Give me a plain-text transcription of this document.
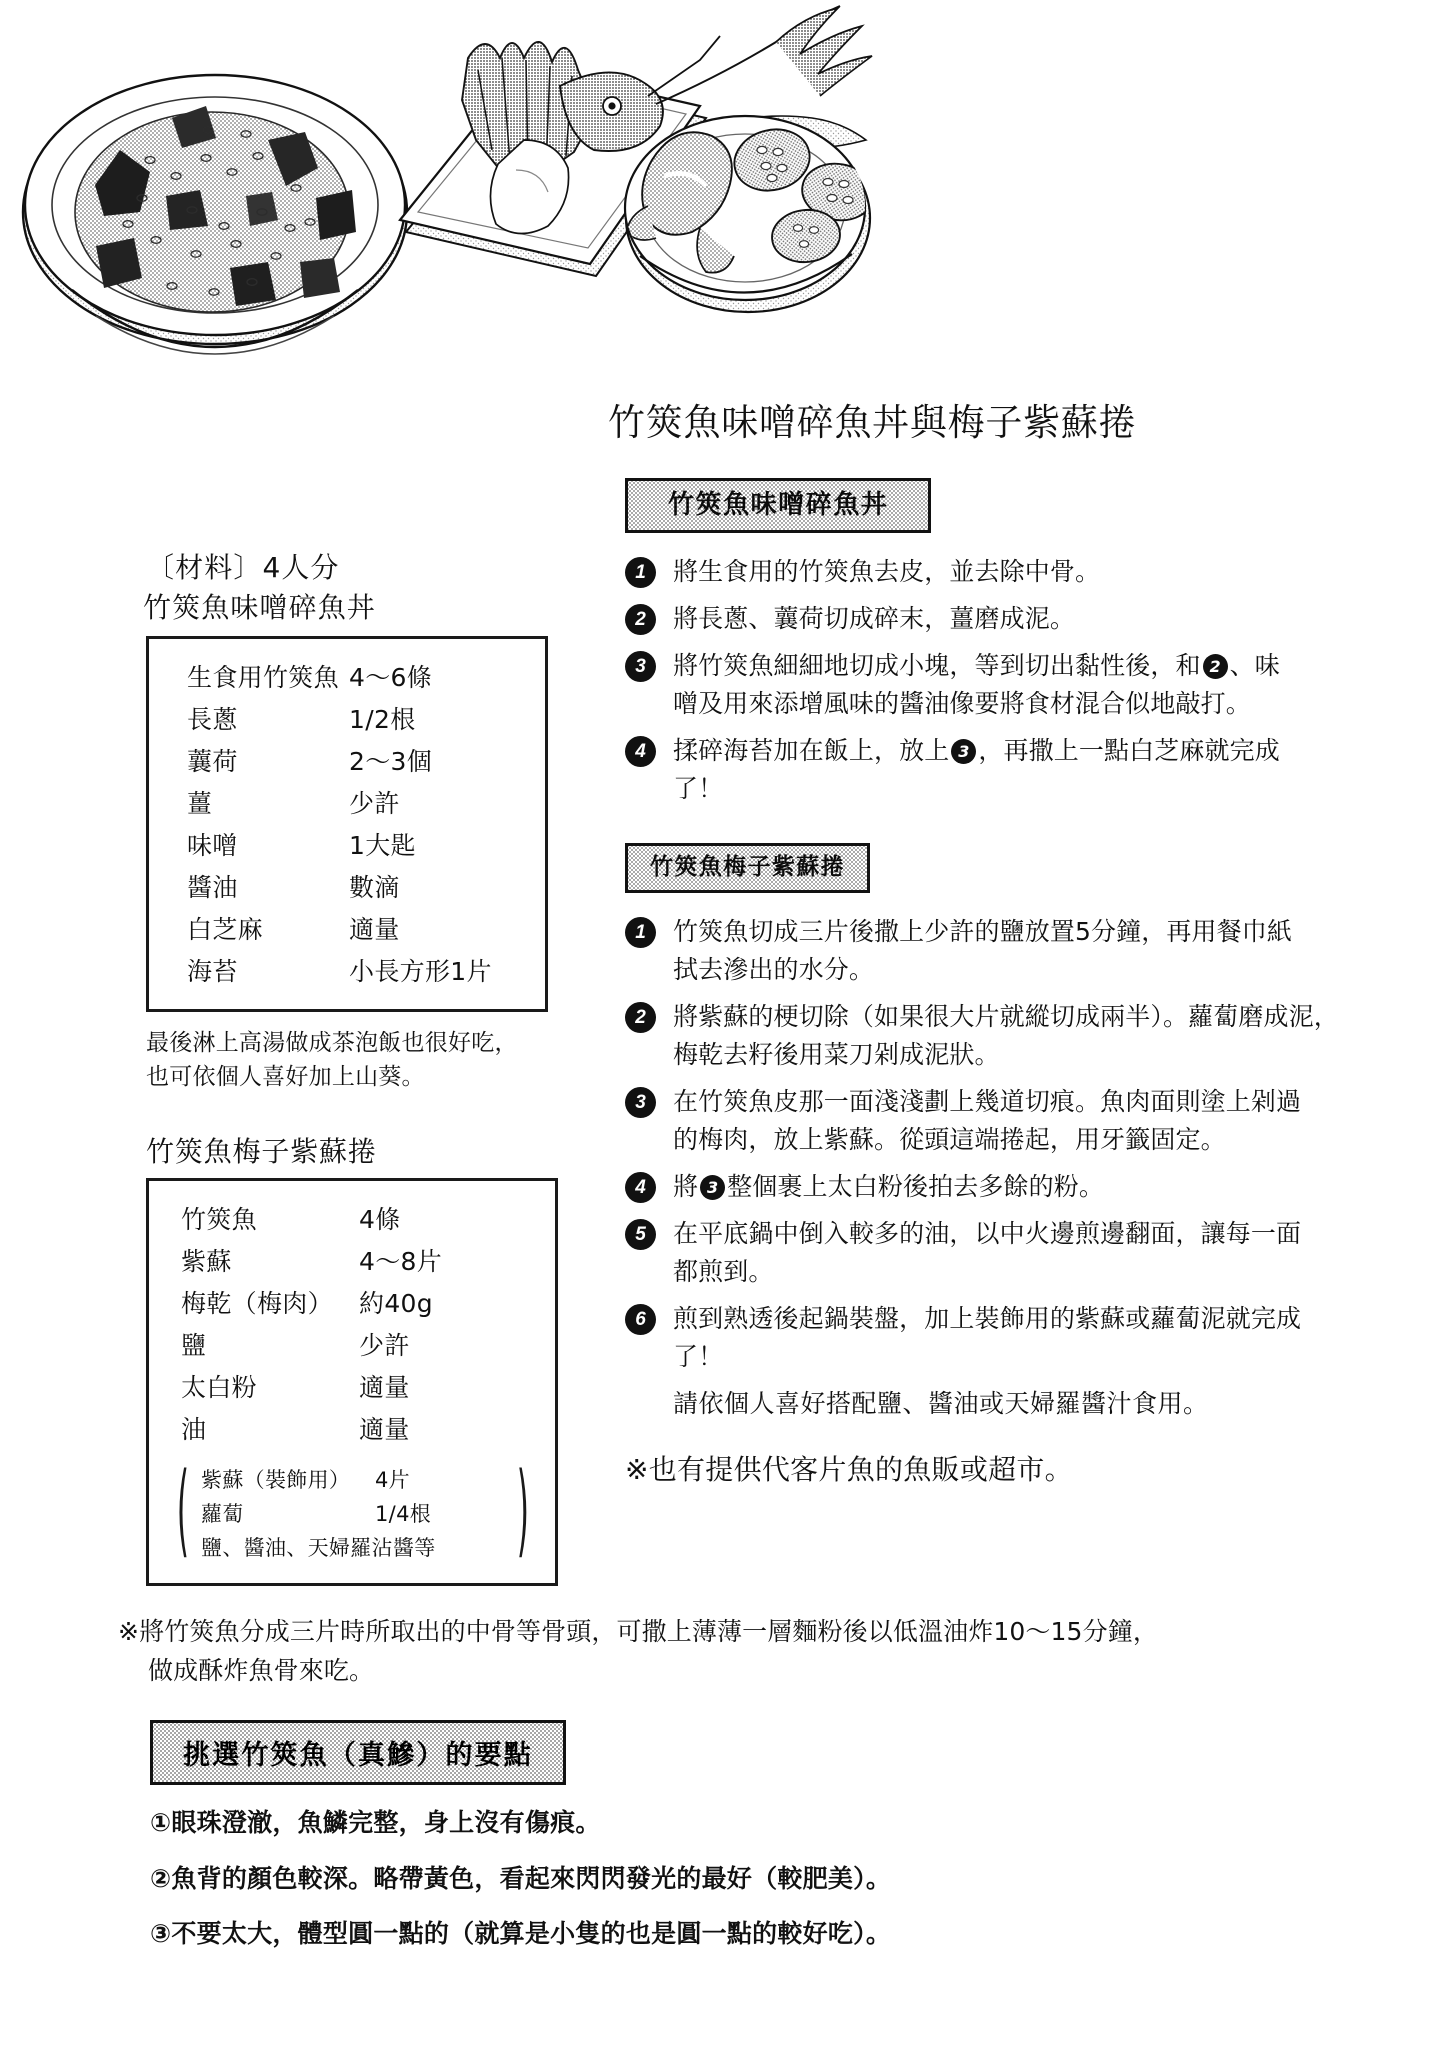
竹筴魚味噌碎魚丼與梅子紫蘇捲
〔材料〕4人分
竹筴魚味噌碎魚丼
生食用竹筴魚 4～6條
長蔥	1/2根
蘘荷	2～3個
薑	少許
味噌	1大匙
醬油	數滴
白芝麻	適量
海苔	小長方形1片
最後淋上高湯做成茶泡飯也很好吃，
也可依個人喜好加上山葵。
竹筴魚梅子紫蘇捲
竹筴魚	4條
紫蘇	4～8片
梅乾（梅肉）	約40g
鹽	少許
太白粉	適量
油	適量
(	)
紫蘇（裝飾用）	4片
蘿蔔	1/4根
鹽、醬油、天婦羅沾醬等
竹筴魚味噌碎魚丼
1	將生食用的竹筴魚去皮，並去除中骨。
2	將長蔥、蘘荷切成碎末，薑磨成泥。
3	將竹筴魚細細地切成小塊，等到切出黏性後，和 2 、味
噌及用來添增風味的醬油像要將食材混合似地敲打。
4	揉碎海苔加在飯上，放上 3 ，再撒上一點白芝麻就完成
了！
竹筴魚梅子紫蘇捲
1	竹筴魚切成三片後撒上少許的鹽放置5分鐘，再用餐巾紙
拭去滲出的水分。
2	將紫蘇的梗切除（如果很大片就縱切成兩半）。蘿蔔磨成泥，
梅乾去籽後用菜刀剁成泥狀。
3	在竹筴魚皮那一面淺淺劃上幾道切痕。魚肉面則塗上剁過
的梅肉，放上紫蘇。從頭這端捲起，用牙籤固定。
4	將 3 整個裹上太白粉後拍去多餘的粉。
5	在平底鍋中倒入較多的油，以中火邊煎邊翻面，讓每一面
都煎到。
6	煎到熟透後起鍋裝盤，加上裝飾用的紫蘇或蘿蔔泥就完成
了！
請依個人喜好搭配鹽、醬油或天婦羅醬汁食用。
※也有提供代客片魚的魚販或超市。
※將竹筴魚分成三片時所取出的中骨等骨頭，可撒上薄薄一層麵粉後以低溫油炸10～15分鐘，
做成酥炸魚骨來吃。
挑選竹筴魚（真鰺）的要點
①眼珠澄澈，魚鱗完整，身上沒有傷痕。
②魚背的顏色較深。略帶黃色，看起來閃閃發光的最好（較肥美）。
③不要太大，體型圓一點的（就算是小隻的也是圓一點的較好吃）。
